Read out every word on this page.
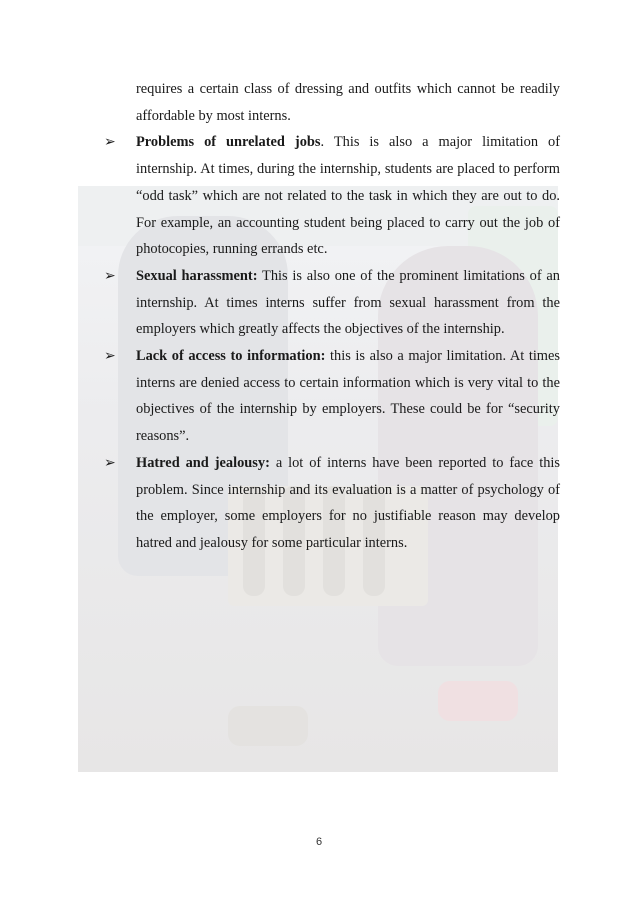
requires a certain class of dressing and outfits which cannot be readily affordable by most interns.

➢ Problems of unrelated jobs. This is also a major limitation of internship. At times, during the internship, students are placed to perform “odd task” which are not related to the task in which they are out to do. For example, an accounting student being placed to carry out the job of photocopies, running errands etc.
➢ Sexual harassment: This is also one of the prominent limitations of an internship. At times interns suffer from sexual harassment from the employers which greatly affects the objectives of the internship.
➢ Lack of access to information: this is also a major limitation. At times interns are denied access to certain information which is very vital to the objectives of the internship by employers. These could be for “security reasons”.
➢ Hatred and jealousy: a lot of interns have been reported to face this problem. Since internship and its evaluation is a matter of psychology of the employer, some employers for no justifiable reason may develop hatred and jealousy for some particular interns.
6
